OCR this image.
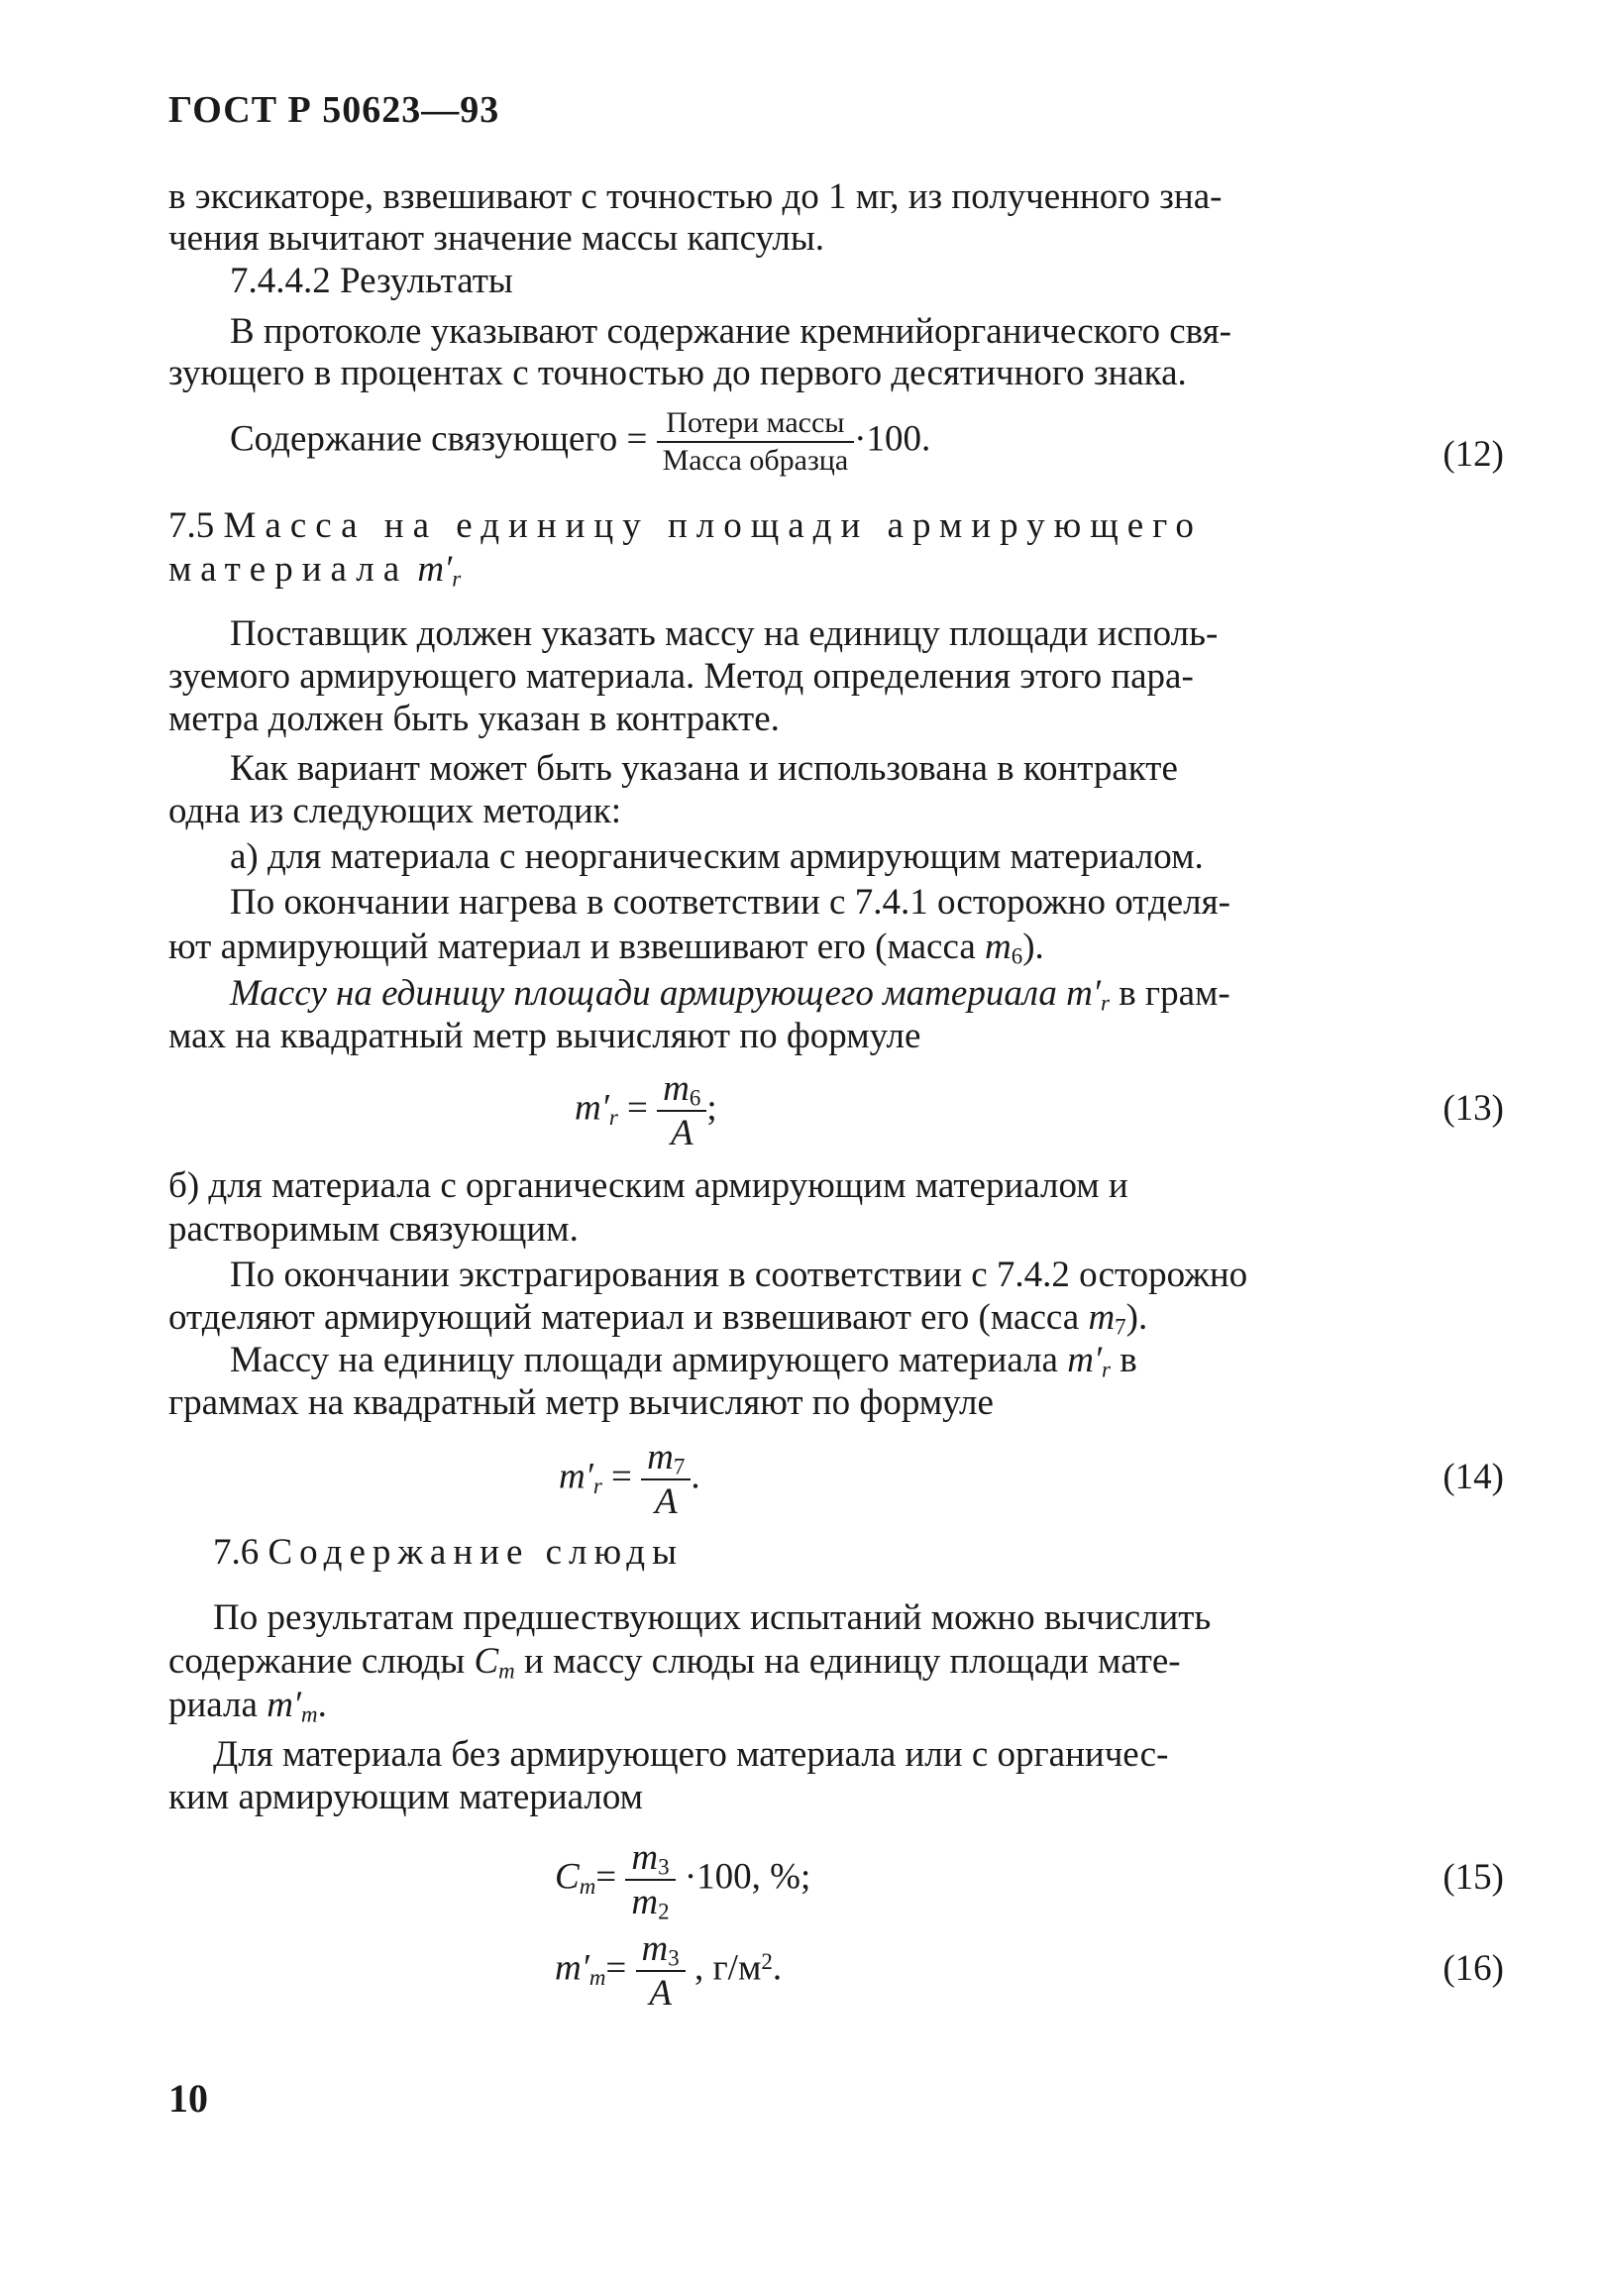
ГОСТ Р 50623—93
в эксикаторе, взвешивают с точностью до 1 мг, из полученного зна-
чения вычитают значение массы капсулы.
7.4.4.2 Результаты
В протоколе указывают содержание кремнийорганического свя-
зующего в процентах с точностью до первого десятичного знака.
Содержание связующего = $\frac{\text{Потери массы}}{\text{Масса образца}} \cdot 100$.	(12)
7.5 Масса на единицу площади армирующего
материала $m'_r$
Поставщик должен указать массу на единицу площади исполь-
зуемого армирующего материала. Метод определения этого пара-
метра должен быть указан в контракте.
Как вариант может быть указана и использована в контракте
одна из следующих методик:
а) для материала с неорганическим армирующим материалом.
По окончании нагрева в соответствии с 7.4.1 осторожно отделя-
ют армирующий материал и взвешивают его (масса $m_6$).
Массу на единицу площади армирующего материала $m'_r$ в грам-
мах на квадратный метр вычисляют по формуле
$m'_r = \frac{m_6}{A}$ ;	(13)
б) для материала с органическим армирующим материалом и
растворимым связующим.
По окончании экстрагирования в соответствии с 7.4.2 осторожно
отделяют армирующий материал и взвешивают его (масса $m_7$).
Массу на единицу площади армирующего материала $m'_r$ в
граммах на квадратный метр вычисляют по формуле
$m'_r = \frac{m_7}{A}$ .	(14)
7.6 Содержание слюды
По результатам предшествующих испытаний можно вычислить
содержание слюды $C_m$ и массу слюды на единицу площади мате-
риала $m'_m$.
Для материала без армирующего материала или с органичес-
ким армирующим материалом
$C_m= \frac{m_3}{m_2} \cdot 100$, %;	(15)
$m'_m= \frac{m_3}{A}$ , $г/м^2$.	(16)
10
